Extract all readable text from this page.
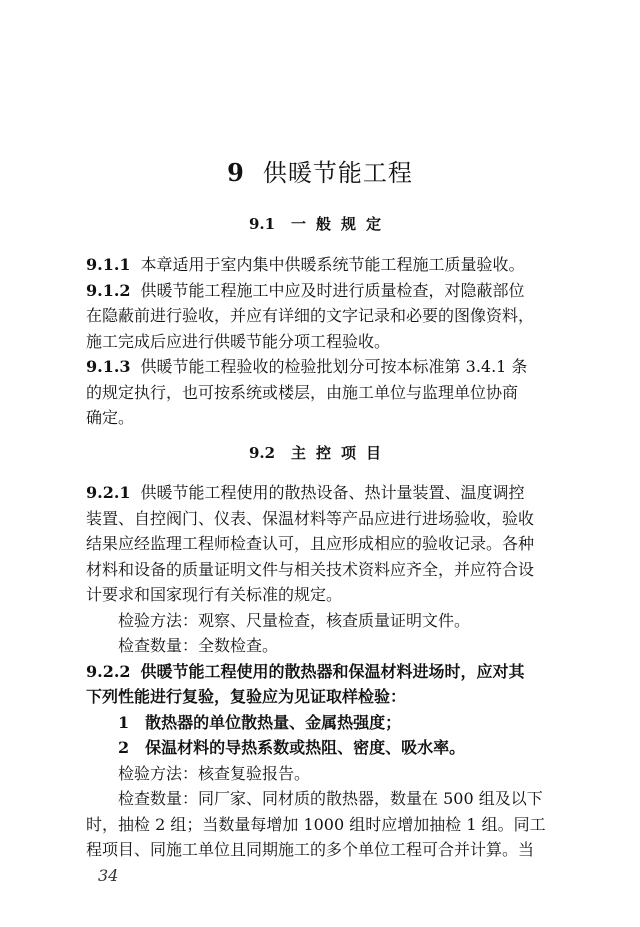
9 供暖节能工程
9.1 一般规定
9.1.1 本章适用于室内集中供暖系统节能工程施工质量验收。
9.1.2 供暖节能工程施工中应及时进行质量检查，对隐蔽部位
在隐蔽前进行验收，并应有详细的文字记录和必要的图像资料，
施工完成后应进行供暖节能分项工程验收。
9.1.3 供暖节能工程验收的检验批划分可按本标准第 3.4.1 条
的规定执行，也可按系统或楼层，由施工单位与监理单位协商
确定。
9.2 主控项目
9.2.1 供暖节能工程使用的散热设备、热计量装置、温度调控
装置、自控阀门、仪表、保温材料等产品应进行进场验收，验收
结果应经监理工程师检查认可，且应形成相应的验收记录。各种
材料和设备的质量证明文件与相关技术资料应齐全，并应符合设
计要求和国家现行有关标准的规定。
检验方法：观察、尺量检查，核查质量证明文件。
检查数量：全数检查。
9.2.2 供暖节能工程使用的散热器和保温材料进场时，应对其
下列性能进行复验，复验应为见证取样检验：
1 散热器的单位散热量、金属热强度；
2 保温材料的导热系数或热阻、密度、吸水率。
检验方法：核查复验报告。
检查数量：同厂家、同材质的散热器，数量在 500 组及以下
时，抽检 2 组；当数量每增加 1000 组时应增加抽检 1 组。同工
程项目、同施工单位且同期施工的多个单位工程可合并计算。当
34
